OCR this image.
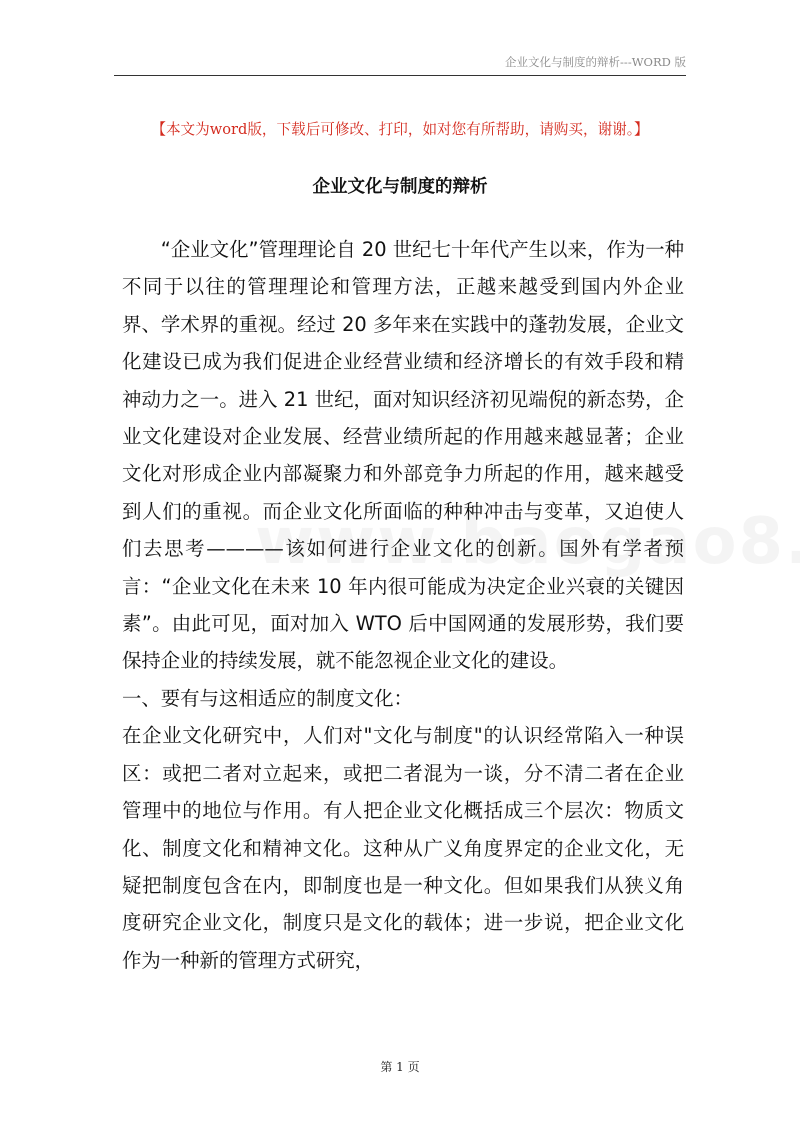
企业文化与制度的辩析---WORD 版
【本文为word版，下载后可修改、打印，如对您有所帮助，请购买，谢谢。】
企业文化与制度的辩析

“企业文化”管理理论自 20 世纪七十年代产生以来，作为一种不同于以往的管理理论和管理方法，正越来越受到国内外企业界、学术界的重视。经过 20 多年来在实践中的蓬勃发展，企业文化建设已成为我们促进企业经营业绩和经济增长的有效手段和精神动力之一。进入 21 世纪，面对知识经济初见端倪的新态势，企业文化建设对企业发展、经营业绩所起的作用越来越显著；企业文化对形成企业内部凝聚力和外部竞争力所起的作用，越来越受到人们的重视。而企业文化所面临的种种冲击与变革，又迫使人们去思考————该如何进行企业文化的创新。国外有学者预言：“企业文化在未来 10 年内很可能成为决定企业兴衰的关键因素”。由此可见，面对加入 WTO 后中国网通的发展形势，我们要保持企业的持续发展，就不能忽视企业文化的建设。

一、要有与这相适应的制度文化：

在企业文化研究中，人们对"文化与制度"的认识经常陷入一种误区：或把二者对立起来，或把二者混为一谈，分不清二者在企业管理中的地位与作用。有人把企业文化概括成三个层次：物质文化、制度文化和精神文化。这种从广义角度界定的企业文化，无疑把制度包含在内，即制度也是一种文化。但如果我们从狭义角度研究企业文化，制度只是文化的载体；进一步说，把企业文化作为一种新的管理方式研究，

第 1 页
